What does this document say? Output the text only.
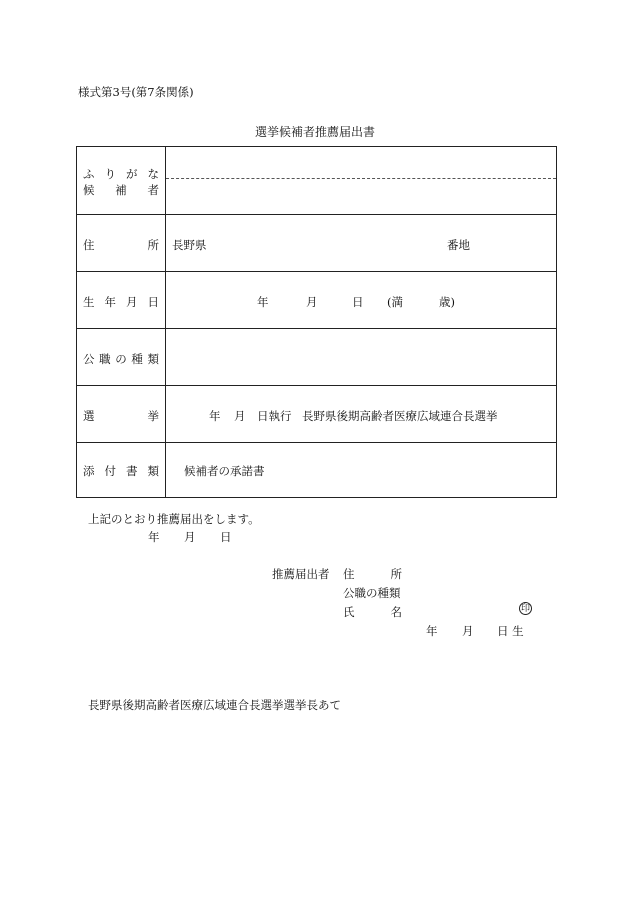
様式第3号(第7条関係)
選挙候補者推薦届出書
ふ り が な
候 補 者
住	所 長野県	番地
生 年 月 日	年	月	日 (満	歳)
公 職 の 種 類
選	挙	年 月 日執行 長野県後期高齢者医療広域連合長選挙
添 付 書 類 候補者の承諾書
上記のとおり推薦届出をします。
年 月 日
推薦届出者 住	所
公職の種類
氏	名	印
年 月 日 生
長野県後期高齢者医療広域連合長選挙選挙長あて
